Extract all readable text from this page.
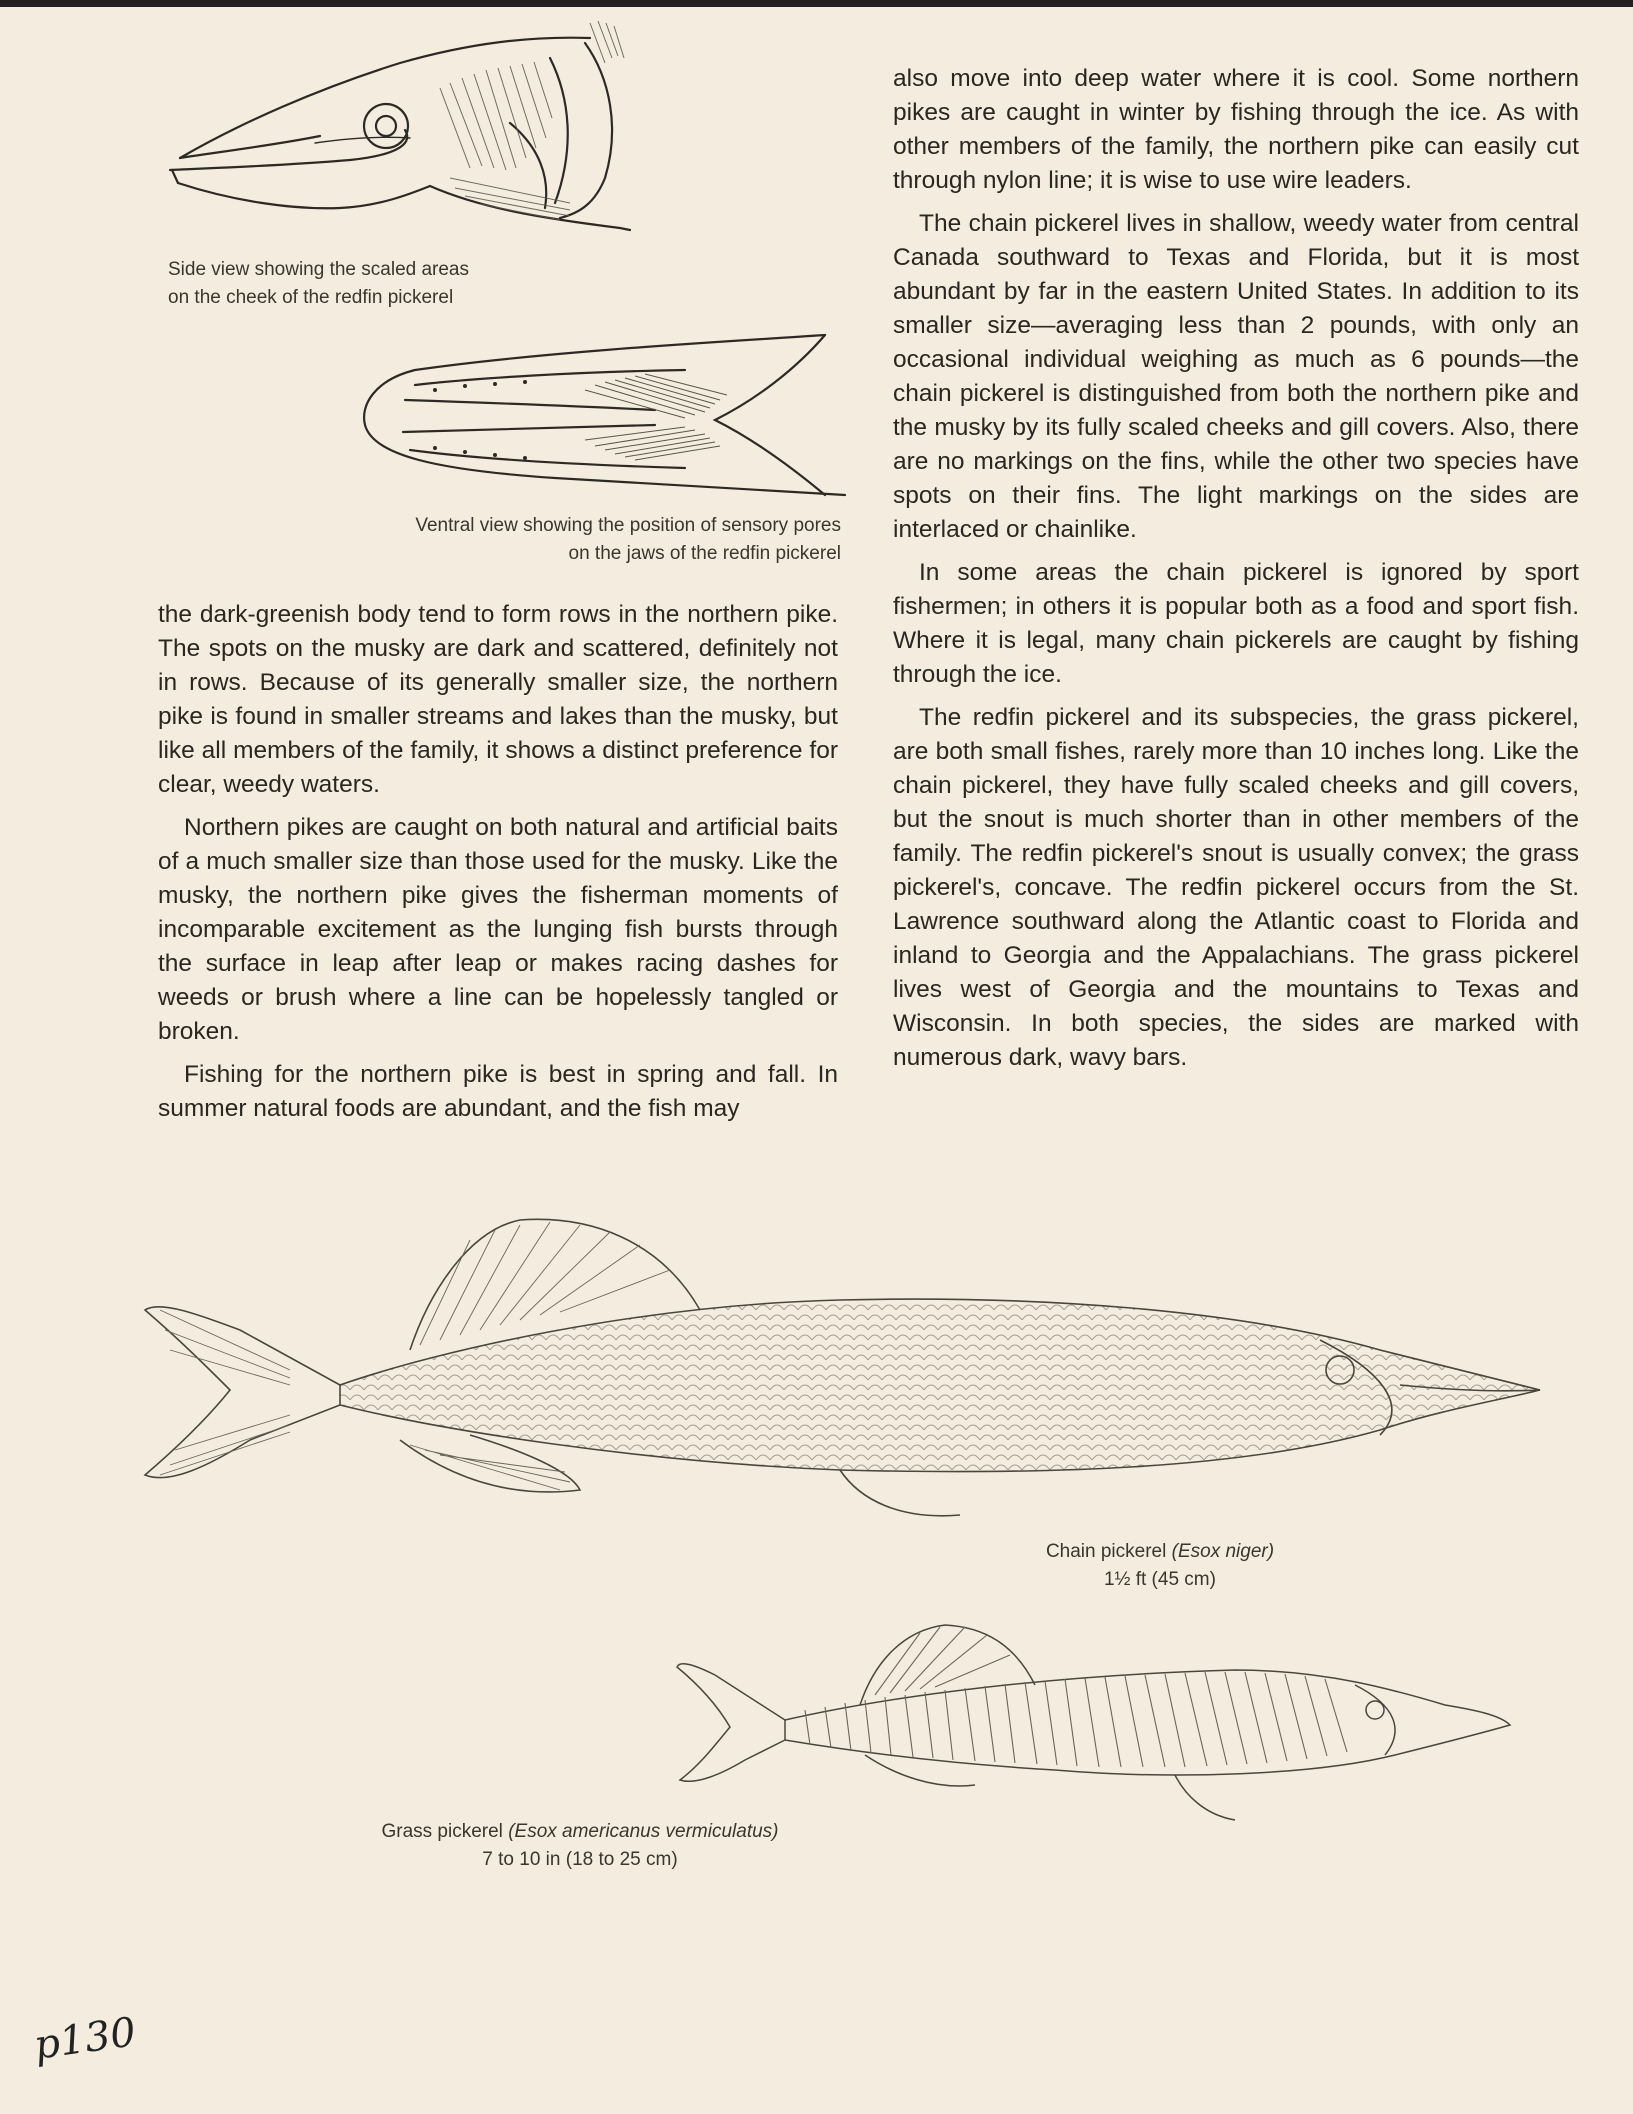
Side view showing the scaled areas
on the cheek of the redfin pickerel
Ventral view showing the position of sensory pores
on the jaws of the redfin pickerel

the dark-greenish body tend to form rows in the northern pike. The spots on the musky are dark and scattered, definitely not in rows. Because of its generally smaller size, the northern pike is found in smaller streams and lakes than the musky, but like all members of the family, it shows a distinct preference for clear, weedy waters.

Northern pikes are caught on both natural and artificial baits of a much smaller size than those used for the musky. Like the musky, the northern pike gives the fisherman moments of incomparable excitement as the lunging fish bursts through the surface in leap after leap or makes racing dashes for weeds or brush where a line can be hopelessly tangled or broken.

Fishing for the northern pike is best in spring and fall. In summer natural foods are abundant, and the fish may

also move into deep water where it is cool. Some northern pikes are caught in winter by fishing through the ice. As with other members of the family, the northern pike can easily cut through nylon line; it is wise to use wire leaders.

The chain pickerel lives in shallow, weedy water from central Canada southward to Texas and Florida, but it is most abundant by far in the eastern United States. In addition to its smaller size—averaging less than 2 pounds, with only an occasional individual weighing as much as 6 pounds—the chain pickerel is distinguished from both the northern pike and the musky by its fully scaled cheeks and gill covers. Also, there are no markings on the fins, while the other two species have spots on their fins. The light markings on the sides are interlaced or chainlike.

In some areas the chain pickerel is ignored by sport fishermen; in others it is popular both as a food and sport fish. Where it is legal, many chain pickerels are caught by fishing through the ice.

The redfin pickerel and its subspecies, the grass pickerel, are both small fishes, rarely more than 10 inches long. Like the chain pickerel, they have fully scaled cheeks and gill covers, but the snout is much shorter than in other members of the family. The redfin pickerel's snout is usually convex; the grass pickerel's, concave. The redfin pickerel occurs from the St. Lawrence southward along the Atlantic coast to Florida and inland to Georgia and the Appalachians. The grass pickerel lives west of Georgia and the mountains to Texas and Wisconsin. In both species, the sides are marked with numerous dark, wavy bars.

Chain pickerel (Esox niger)
1½ ft (45 cm)
Grass pickerel (Esox americanus vermiculatus)
7 to 10 in (18 to 25 cm)
p130
